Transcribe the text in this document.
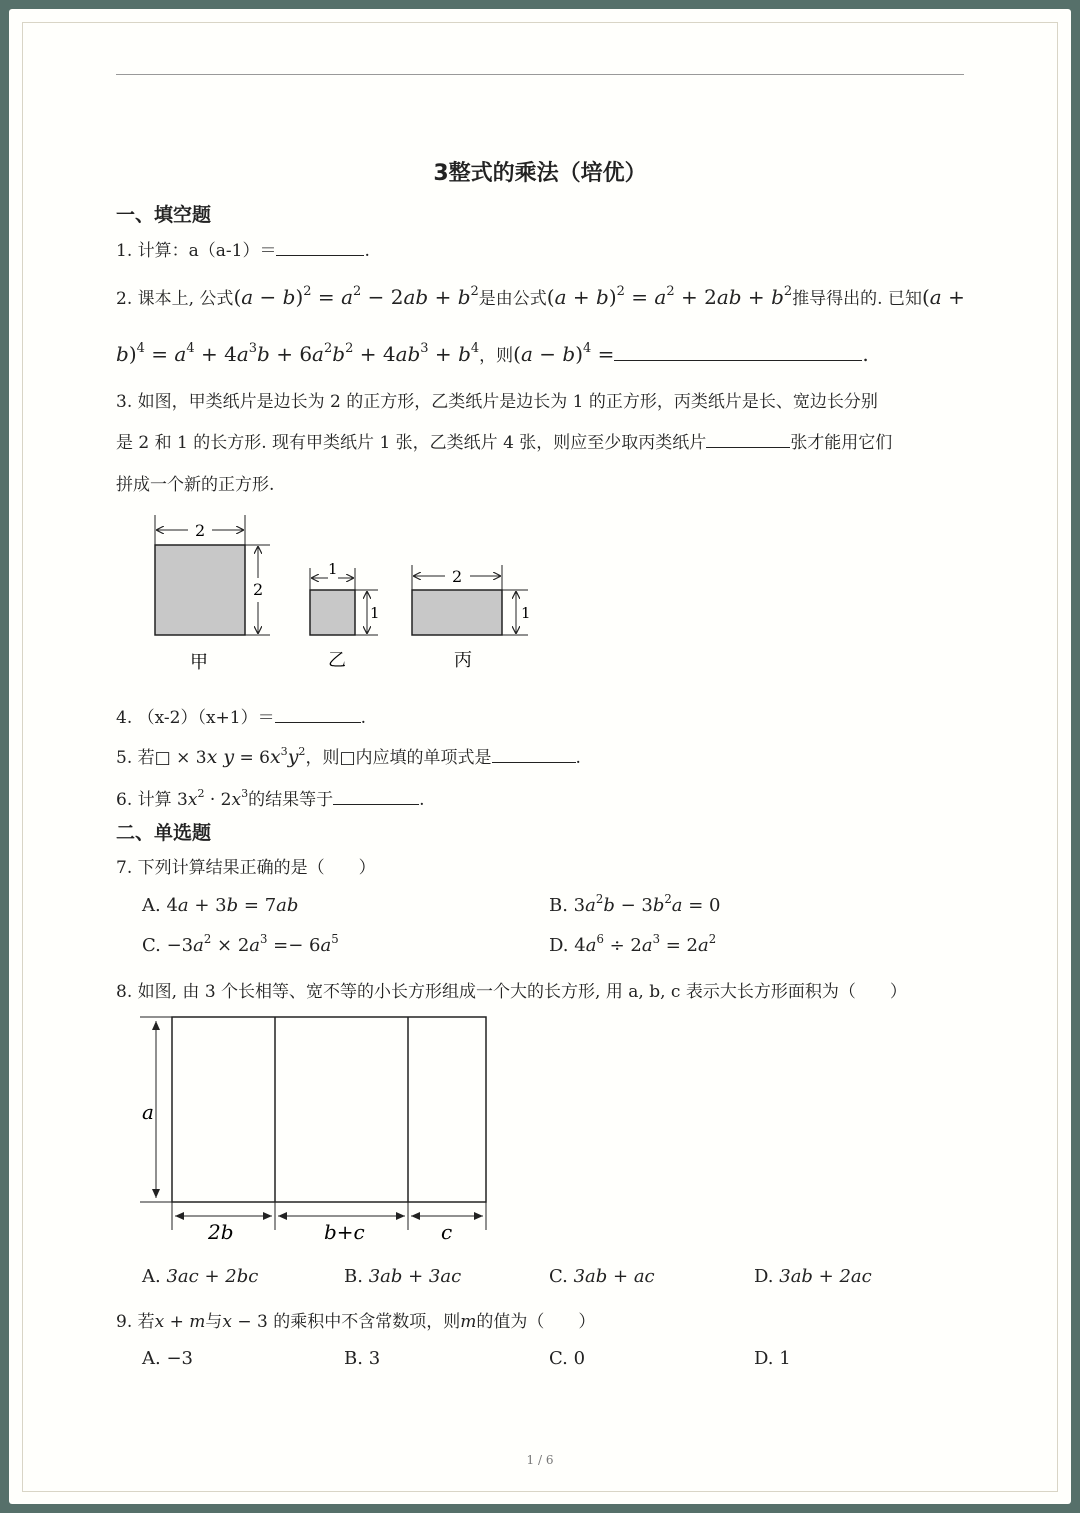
3整式的乘法（培优）
一、填空题
1. 计算：a（a-1）＝	.
2. 课本上, 公式$(a - b)^2 = a^2 - 2ab + b^2$是由公式$(a + b)^2 = a^2 + 2ab + b^2$推导得出的. 已知(a +
$b)^4 = a^4 + 4a^3b + 6a^2b^2 + 4ab^3 + b^4$，则$(a - b)^4$ =	.
3. 如图，甲类纸片是边长为 2 的正方形，乙类纸片是边长为 1 的正方形，丙类纸片是长、宽边长分别
是 2 和 1 的长方形. 现有甲类纸片 1 张，乙类纸片 4 张，则应至少取丙类纸片	张才能用它们
拼成一个新的正方形.
2
2
甲
1
1
乙
2
1
丙
4. （x-2）（x+1）＝	.
5. 若□ × 3x $y = 6x^3y^2$，则□内应填的单项式是	.
6. 计算 $3x^2 \cdot 2x^3$的结果等于	.
二、单选题
7. 下列计算结果正确的是（　　）
A. 4a + 3b = 7ab	B. $3a^2b - 3b^2a = 0$
C. $-3a^2 \times 2a^3 =- 6a^5$	D. $4a^6 \div 2a^3 = 2a^2$
8. 如图, 由 3 个长相等、宽不等的小长方形组成一个大的长方形, 用 a, b, c 表示大长方形面积为（　　）
a
2b	b+c	c
A. 3ac + 2bc	B. 3ab + 3ac	C. 3ab + ac	D. 3ab + 2ac
9. 若x + m与x − 3 的乘积中不含常数项，则m的值为（　　）
A. −3	B. 3	C. 0	D. 1
1 / 6
